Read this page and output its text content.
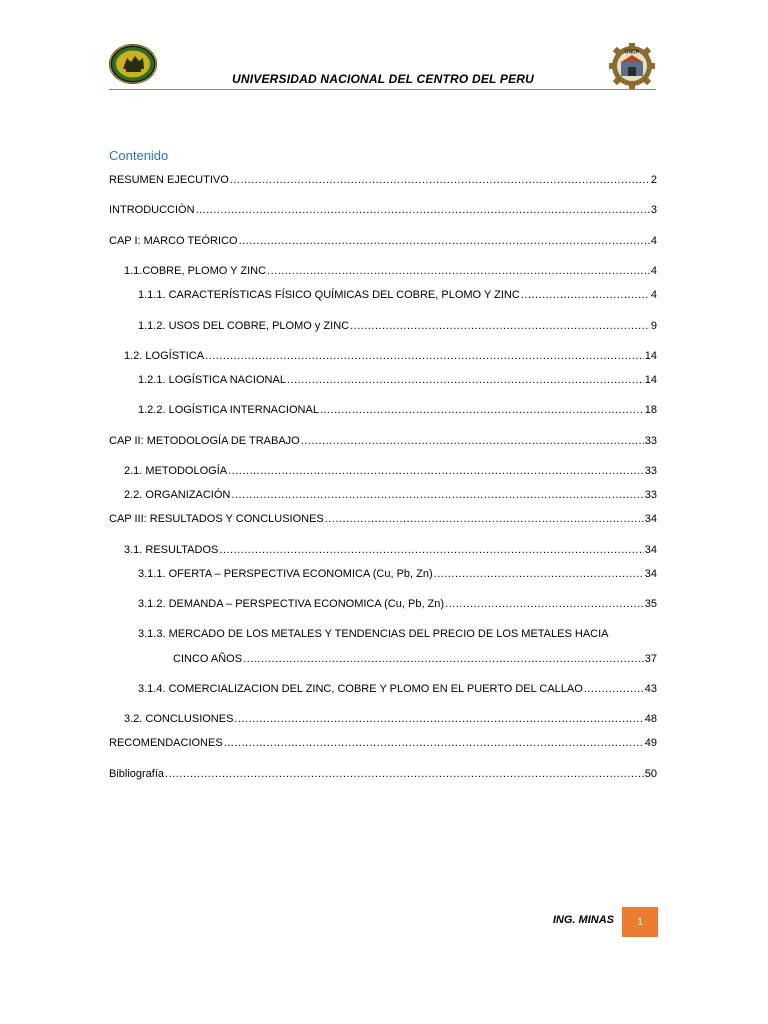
UNIVERSIDAD NACIONAL DEL CENTRO DEL PERU
UNCP
Contenido
RESUMEN EJECUTIVO .....	2
INTRODUCCIÒN .....	3
CAP I: MARCO TEÓRICO .....	4
1.1.COBRE, PLOMO Y ZINC .....	4
1.1.1. CARACTERÍSTICAS FÍSICO QUÍMICAS DEL COBRE, PLOMO Y ZINC .....	4
1.1.2. USOS DEL COBRE, PLOMO y ZINC .....	9
1.2. LOGÍSTICA .....	14
1.2.1. LOGÍSTICA NACIONAL .....	14
1.2.2. LOGÍSTICA INTERNACIONAL .....	18
CAP II: METODOLOGÍA DE TRABAJO .....	33
2.1. METODOLOGÍA .....	33
2.2. ORGANIZACIÓN .....	33
CAP III: RESULTADOS Y CONCLUSIONES .....	34
3.1. RESULTADOS .....	34
3.1.1. OFERTA – PERSPECTIVA ECONOMICA (Cu, Pb, Zn) .....	34
3.1.2. DEMANDA – PERSPECTIVA ECONOMICA (Cu, Pb, Zn) .....	35
3.1.3. MERCADO DE LOS METALES Y TENDENCIAS DEL PRECIO DE LOS METALES HACIA
CINCO AÑOS .....	37
3.1.4. COMERCIALIZACION DEL ZINC, COBRE Y PLOMO EN EL PUERTO DEL CALLAO .....	43
3.2. CONCLUSIONES .....	48
RECOMENDACIONES .....	49
Bibliografía .....	50
ING. MINAS	1
